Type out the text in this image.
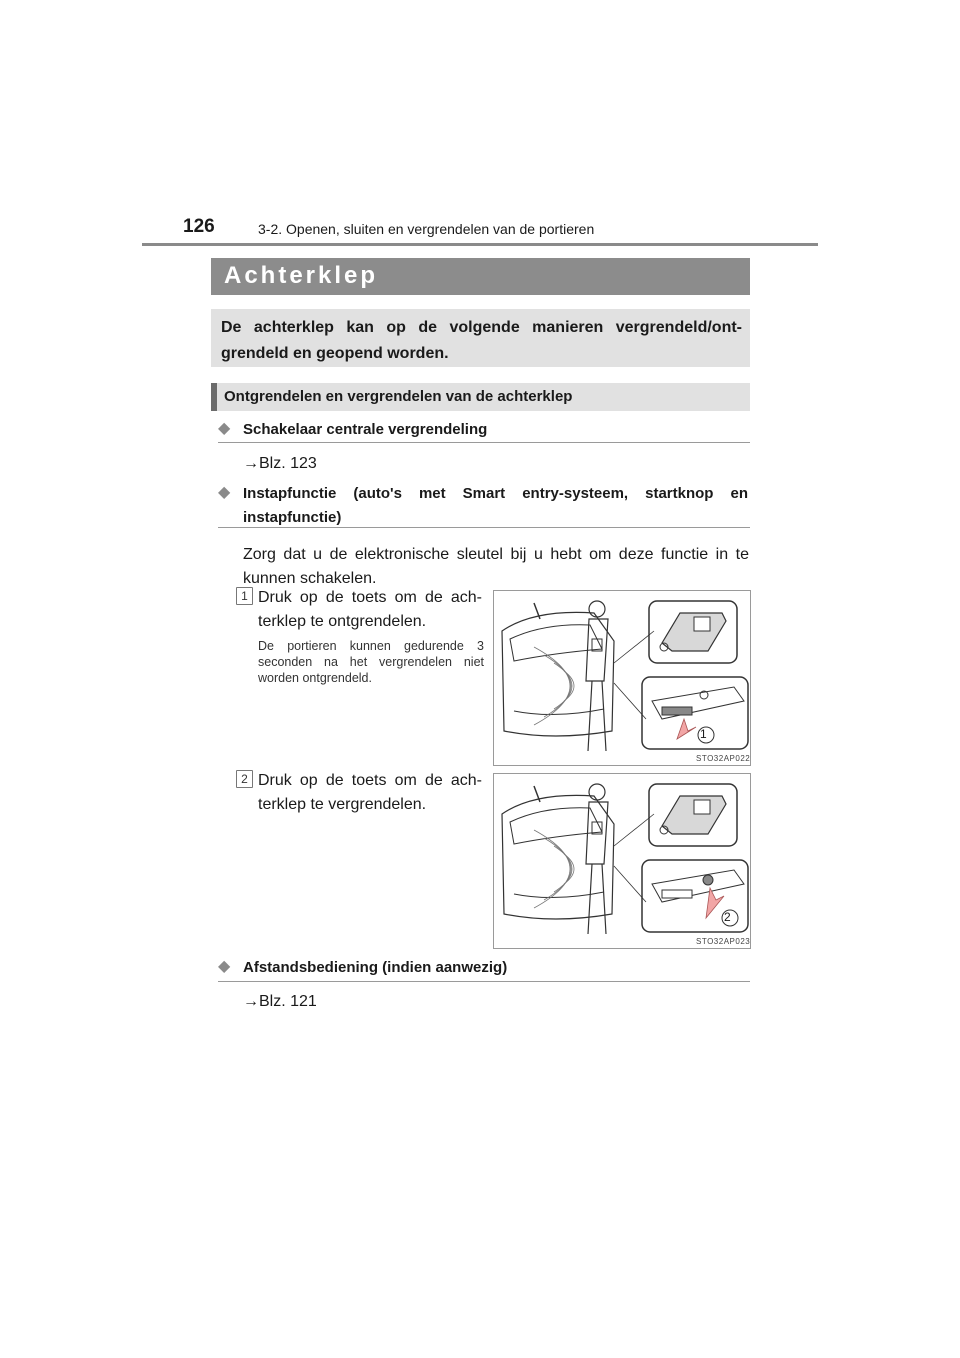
126	3-2. Openen, sluiten en vergrendelen van de portieren
Achterklep
De achterklep kan op de volgende manieren vergrendeld/ont-grendeld en geopend worden.
Ontgrendelen en vergrendelen van de achterklep
◆ Schakelaar centrale vergrendeling
→Blz. 123
◆ Instapfunctie (auto's met Smart entry-systeem, startknop en instapfunctie)
Zorg dat u de elektronische sleutel bij u hebt om deze functie in te kunnen schakelen.
1 Druk op de toets om de ach-terklep te ontgrendelen.
De portieren kunnen gedurende 3 seconden na het vergrendelen niet worden ontgrendeld.
1
STO32AP022
2 Druk op de toets om de ach-terklep te vergrendelen.
2
STO32AP023
◆ Afstandsbediening (indien aanwezig)
→Blz. 121
